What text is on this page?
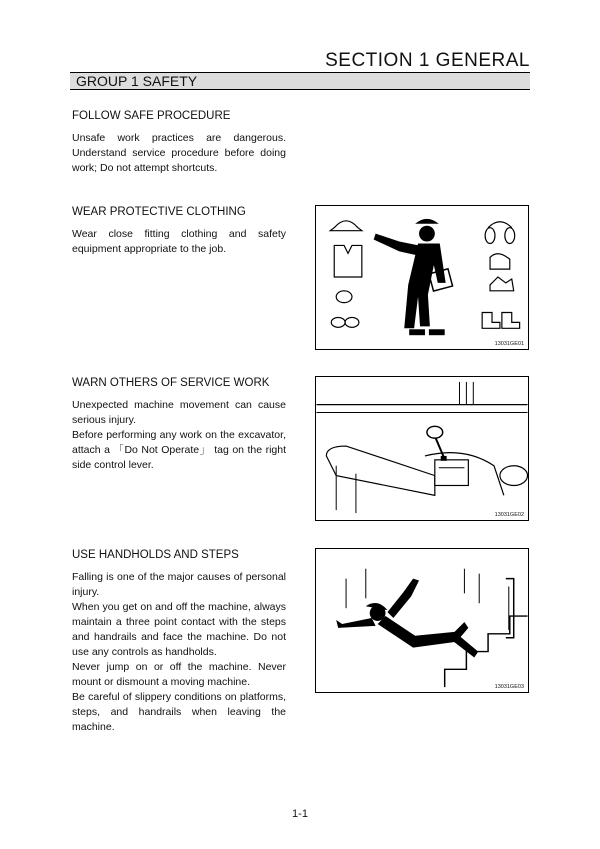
SECTION 1 GENERAL
GROUP 1 SAFETY
FOLLOW SAFE PROCEDURE

Unsafe work practices are dangerous. Understand service procedure before doing work; Do not attempt shortcuts.

WEAR PROTECTIVE CLOTHING

Wear close fitting clothing and safety equipment appropriate to the job.

13031GE01
WARN OTHERS OF SERVICE WORK

Unexpected machine movement can cause serious injury.

Before performing any work on the excavator, attach a 「Do Not Operate」 tag on the right side control lever.

13031GE02
USE HANDHOLDS AND STEPS

Falling is one of the major causes of personal injury.

When you get on and off the machine, always maintain a three point contact with the steps and handrails and face the machine. Do not use any controls as handholds.

Never jump on or off the machine. Never mount or dismount a moving machine.

Be careful of slippery conditions on platforms, steps, and handrails when leaving the machine.

13031GE03
1-1
